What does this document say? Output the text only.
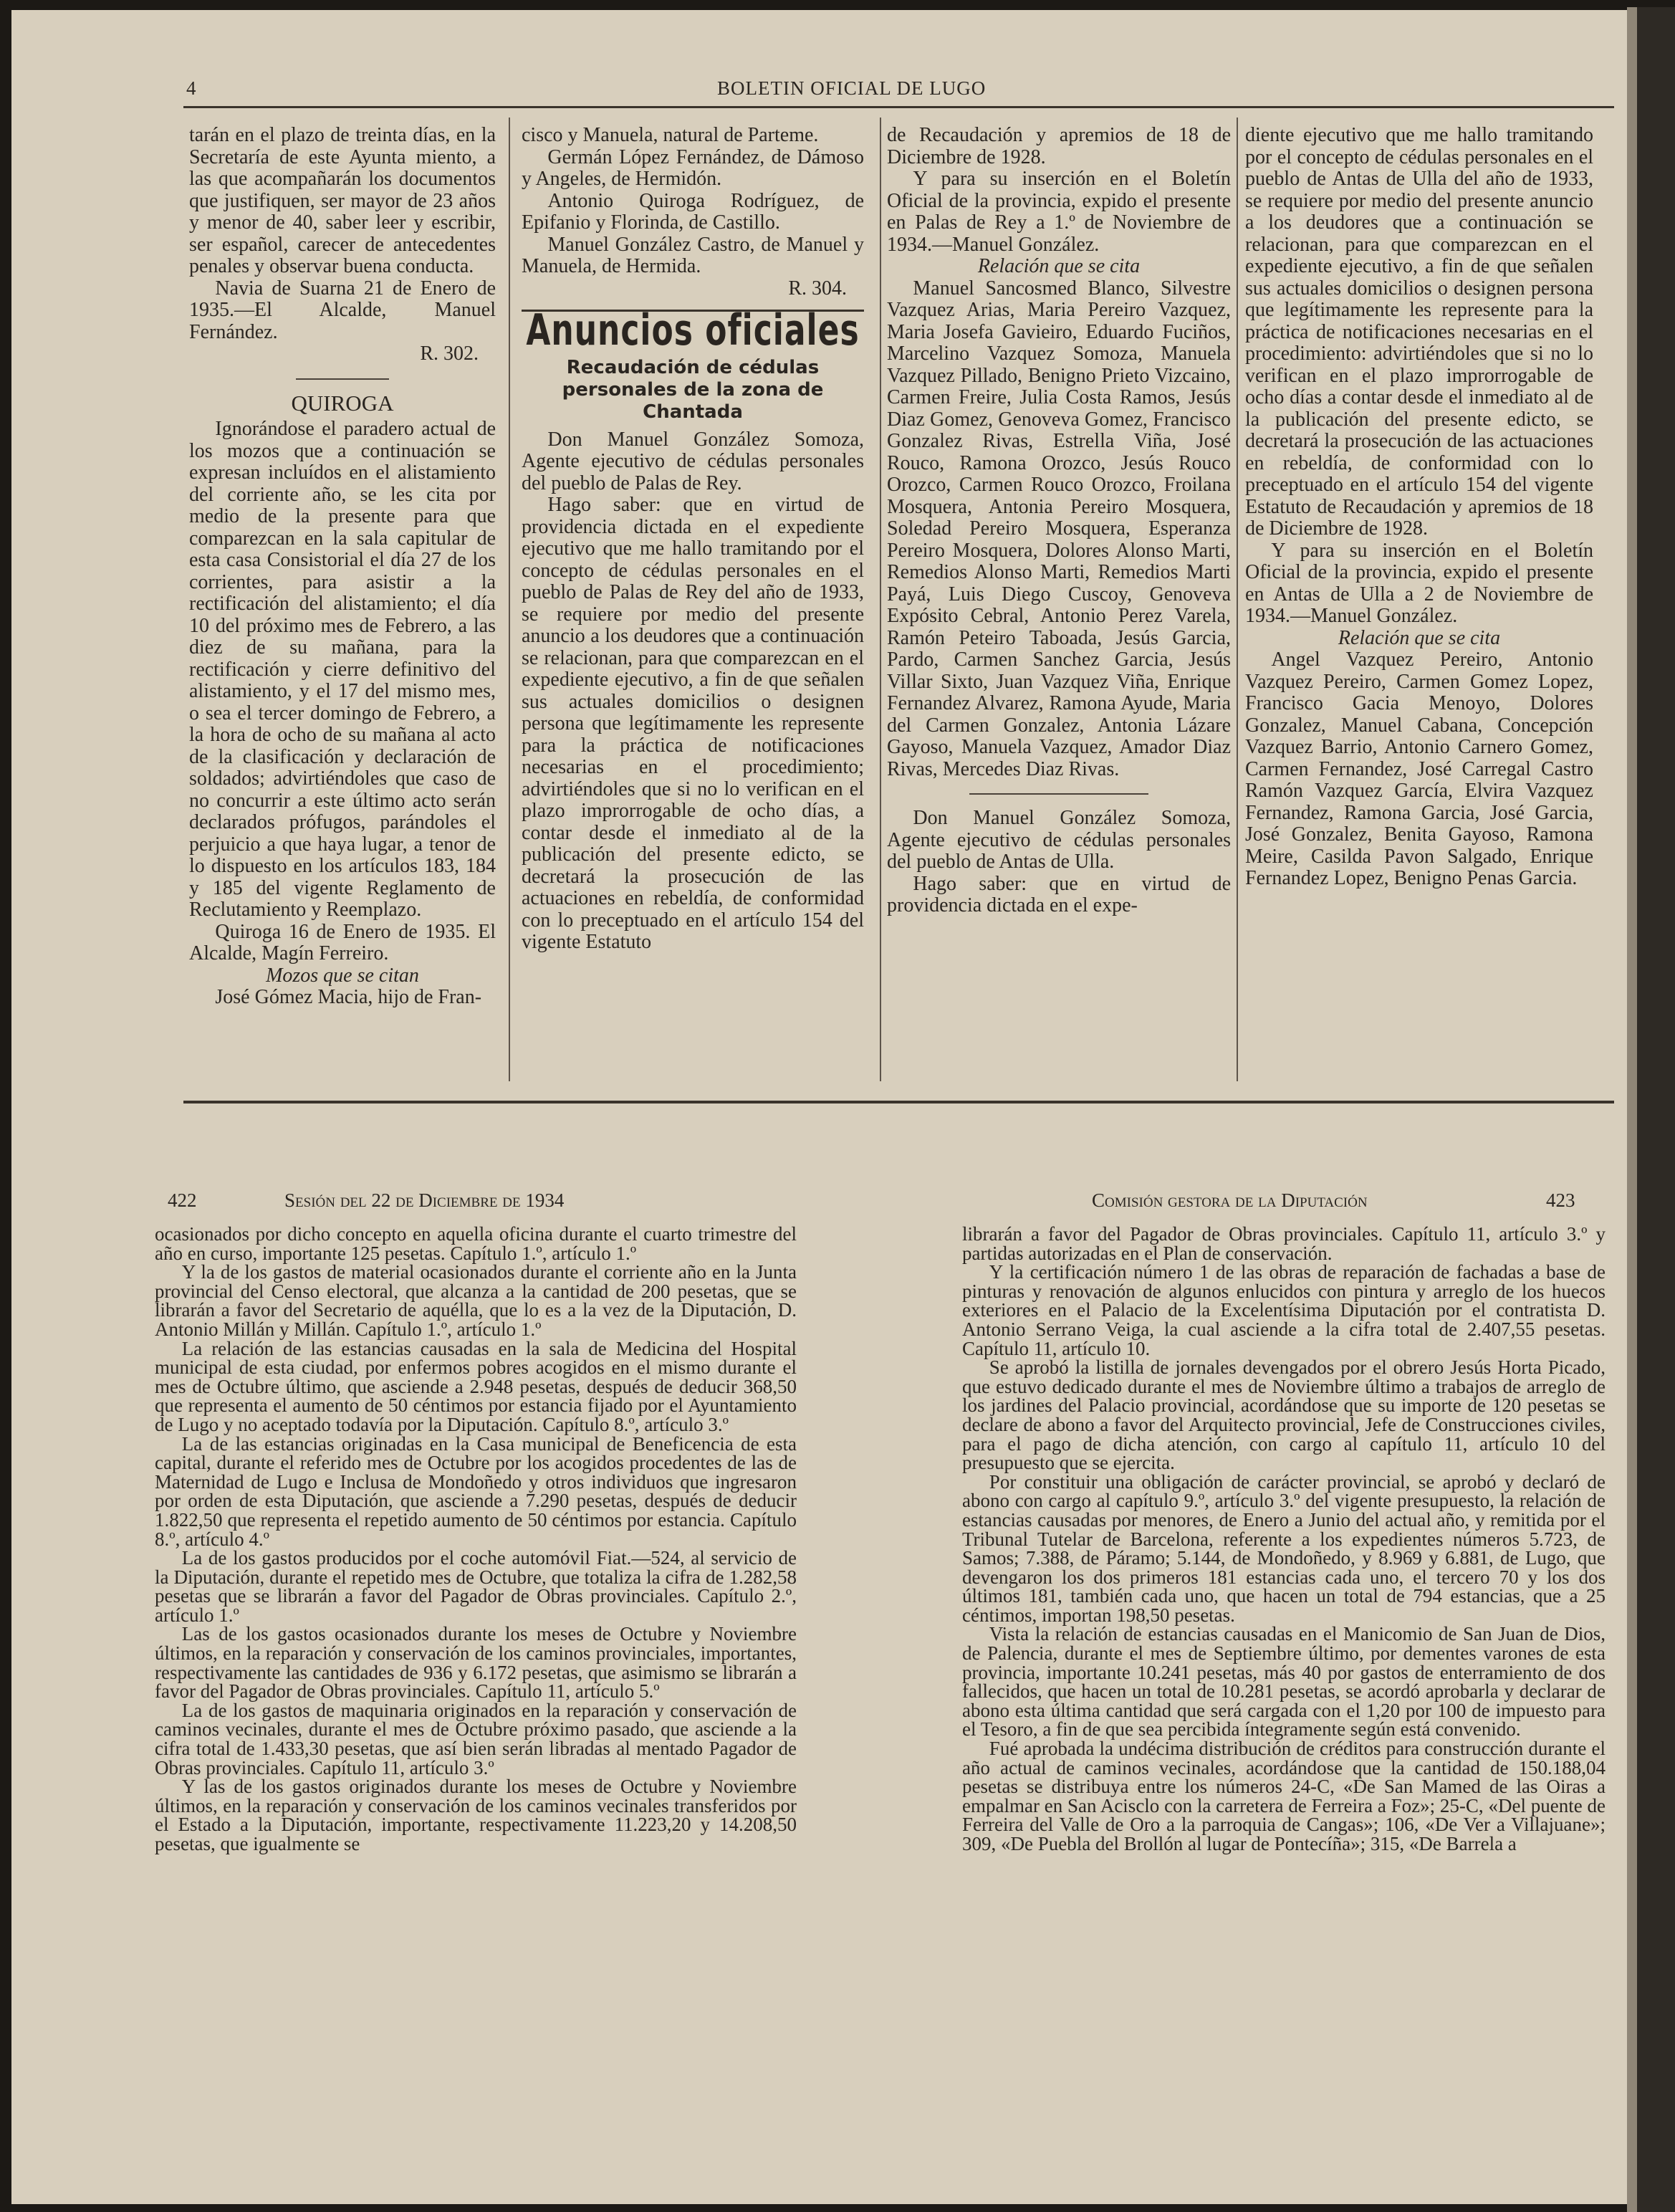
4	BOLETIN OFICIAL DE LUGO

tarán en el plazo de treinta días, en la Secretaría de este Ayunta miento, a las que acompañarán los documentos que justifiquen, ser mayor de 23 años y menor de 40, saber leer y escribir, ser español, carecer de antecedentes penales y observar buena conducta.

Navia de Suarna 21 de Enero de 1935.—El Alcalde, Manuel Fernández.

R. 302.

QUIROGA

Ignorándose el paradero actual de los mozos que a continuación se expresan incluídos en el alistamiento del corriente año, se les cita por medio de la presente para que comparezcan en la sala capitular de esta casa Consistorial el día 27 de los corrientes, para asistir a la rectificación del alistamiento; el día 10 del próximo mes de Febrero, a las diez de su mañana, para la rectificación y cierre definitivo del alistamiento, y el 17 del mismo mes, o sea el tercer domingo de Febrero, a la hora de ocho de su mañana al acto de la clasificación y declaración de soldados; advirtiéndoles que caso de no concurrir a este último acto serán declarados prófugos, parándoles el perjuicio a que haya lugar, a tenor de lo dispuesto en los artículos 183, 184 y 185 del vigente Reglamento de Reclutamiento y Reemplazo.

Quiroga 16 de Enero de 1935. El Alcalde, Magín Ferreiro.

Mozos que se citan

José Gómez Macia, hijo de Fran-

cisco y Manuela, natural de Parteme.

Germán López Fernández, de Dámoso y Angeles, de Hermidón.

Antonio Quiroga Rodríguez, de Epifanio y Florinda, de Castillo.

Manuel González Castro, de Manuel y Manuela, de Hermida.

R. 304.

Anuncios oficiales

Recaudación de cédulas personales de la zona de Chantada

Don Manuel González Somoza, Agente ejecutivo de cédulas personales del pueblo de Palas de Rey.

Hago saber: que en virtud de providencia dictada en el expediente ejecutivo que me hallo tramitando por el concepto de cédulas personales en el pueblo de Palas de Rey del año de 1933, se requiere por medio del presente anuncio a los deudores que a continuación se relacionan, para que comparezcan en el expediente ejecutivo, a fin de que señalen sus actuales domicilios o designen persona que legítimamente les represente para la práctica de notificaciones necesarias en el procedimiento; advirtiéndoles que si no lo verifican en el plazo improrrogable de ocho días, a contar desde el inmediato al de la publicación del presente edicto, se decretará la prosecución de las actuaciones en rebeldía, de conformidad con lo preceptuado en el artículo 154 del vigente Estatuto

de Recaudación y apremios de 18 de Diciembre de 1928.

Y para su inserción en el Boletín Oficial de la provincia, expido el presente en Palas de Rey a 1.º de Noviembre de 1934.—Manuel González.

Relación que se cita

Manuel Sancosmed Blanco, Silvestre Vazquez Arias, Maria Pereiro Vazquez, Maria Josefa Gavieiro, Eduardo Fuciños, Marcelino Vazquez Somoza, Manuela Vazquez Pillado, Benigno Prieto Vizcaino, Carmen Freire, Julia Costa Ramos, Jesús Diaz Gomez, Genoveva Gomez, Francisco Gonzalez Rivas, Estrella Viña, José Rouco, Ramona Orozco, Jesús Rouco Orozco, Carmen Rouco Orozco, Froilana Mosquera, Antonia Pereiro Mosquera, Soledad Pereiro Mosquera, Esperanza Pereiro Mosquera, Dolores Alonso Marti, Remedios Alonso Marti, Remedios Marti Payá, Luis Diego Cuscoy, Genoveva Expósito Cebral, Antonio Perez Varela, Ramón Peteiro Taboada, Jesús Garcia, Pardo, Carmen Sanchez Garcia, Jesús Villar Sixto, Juan Vazquez Viña, Enrique Fernandez Alvarez, Ramona Ayude, Maria del Carmen Gonzalez, Antonia Lázare Gayoso, Manuela Vazquez, Amador Diaz Rivas, Mercedes Diaz Rivas.

Don Manuel González Somoza, Agente ejecutivo de cédulas personales del pueblo de Antas de Ulla.

Hago saber: que en virtud de providencia dictada en el expe-

diente ejecutivo que me hallo tramitando por el concepto de cédulas personales en el pueblo de Antas de Ulla del año de 1933, se requiere por medio del presente anuncio a los deudores que a continuación se relacionan, para que comparezcan en el expediente ejecutivo, a fin de que señalen sus actuales domicilios o designen persona que legítimamente les represente para la práctica de notificaciones necesarias en el procedimiento: advirtiéndoles que si no lo verifican en el plazo improrrogable de ocho días a contar desde el inmediato al de la publicación del presente edicto, se decretará la prosecución de las actuaciones en rebeldía, de conformidad con lo preceptuado en el artículo 154 del vigente Estatuto de Recaudación y apremios de 18 de Diciembre de 1928.

Y para su inserción en el Boletín Oficial de la provincia, expido el presente en Antas de Ulla a 2 de Noviembre de 1934.—Manuel González.

Relación que se cita

Angel Vazquez Pereiro, Antonio Vazquez Pereiro, Carmen Gomez Lopez, Francisco Gacia Menoyo, Dolores Gonzalez, Manuel Cabana, Concepción Vazquez Barrio, Antonio Carnero Gomez, Carmen Fernandez, José Carregal Castro Ramón Vazquez García, Elvira Vazquez Fernandez, Ramona Garcia, José Garcia, José Gonzalez, Benita Gayoso, Ramona Meire, Casilda Pavon Salgado, Enrique Fernandez Lopez, Benigno Penas Garcia.

422	Sesión del 22 de Diciembre de 1934	Comisión gestora de la Diputación	423

ocasionados por dicho concepto en aquella oficina durante el cuarto trimestre del año en curso, importante 125 pesetas. Capítulo 1.º, artículo 1.º

Y la de los gastos de material ocasionados durante el corriente año en la Junta provincial del Censo electoral, que alcanza a la cantidad de 200 pesetas, que se librarán a favor del Secretario de aquélla, que lo es a la vez de la Diputación, D. Antonio Millán y Millán. Capítulo 1.º, artículo 1.º

La relación de las estancias causadas en la sala de Medicina del Hospital municipal de esta ciudad, por enfermos pobres acogidos en el mismo durante el mes de Octubre último, que asciende a 2.948 pesetas, después de deducir 368,50 que representa el aumento de 50 céntimos por estancia fijado por el Ayuntamiento de Lugo y no aceptado todavía por la Diputación. Capítulo 8.º, artículo 3.º

La de las estancias originadas en la Casa municipal de Beneficencia de esta capital, durante el referido mes de Octubre por los acogidos procedentes de las de Maternidad de Lugo e Inclusa de Mondoñedo y otros individuos que ingresaron por orden de esta Diputación, que asciende a 7.290 pesetas, después de deducir 1.822,50 que representa el repetido aumento de 50 céntimos por estancia. Capítulo 8.º, artículo 4.º

La de los gastos producidos por el coche automóvil Fiat.—524, al servicio de la Diputación, durante el repetido mes de Octubre, que totaliza la cifra de 1.282,58 pesetas que se librarán a favor del Pagador de Obras provinciales. Capítulo 2.º, artículo 1.º

Las de los gastos ocasionados durante los meses de Octubre y Noviembre últimos, en la reparación y conservación de los caminos provinciales, importantes, respectivamente las cantidades de 936 y 6.172 pesetas, que asimismo se librarán a favor del Pagador de Obras provinciales. Capítulo 11, artículo 5.º

La de los gastos de maquinaria originados en la reparación y conservación de caminos vecinales, durante el mes de Octubre próximo pasado, que asciende a la cifra total de 1.433,30 pesetas, que así bien serán libradas al mentado Pagador de Obras provinciales. Capítulo 11, artículo 3.º

Y las de los gastos originados durante los meses de Octubre y Noviembre últimos, en la reparación y conservación de los caminos vecinales transferidos por el Estado a la Diputación, importante, respectivamente 11.223,20 y 14.208,50 pesetas, que igualmente se

librarán a favor del Pagador de Obras provinciales. Capítulo 11, artículo 3.º y partidas autorizadas en el Plan de conservación.

Y la certificación número 1 de las obras de reparación de fachadas a base de pinturas y renovación de algunos enlucidos con pintura y arreglo de los huecos exteriores en el Palacio de la Excelentísima Diputación por el contratista D. Antonio Serrano Veiga, la cual asciende a la cifra total de 2.407,55 pesetas. Capítulo 11, artículo 10.

Se aprobó la listilla de jornales devengados por el obrero Jesús Horta Picado, que estuvo dedicado durante el mes de Noviembre último a trabajos de arreglo de los jardines del Palacio provincial, acordándose que su importe de 120 pesetas se declare de abono a favor del Arquitecto provincial, Jefe de Construcciones civiles, para el pago de dicha atención, con cargo al capítulo 11, artículo 10 del presupuesto que se ejercita.

Por constituir una obligación de carácter provincial, se aprobó y declaró de abono con cargo al capítulo 9.º, artículo 3.º del vigente presupuesto, la relación de estancias causadas por menores, de Enero a Junio del actual año, y remitida por el Tribunal Tutelar de Barcelona, referente a los expedientes números 5.723, de Samos; 7.388, de Páramo; 5.144, de Mondoñedo, y 8.969 y 6.881, de Lugo, que devengaron los dos primeros 181 estancias cada uno, el tercero 70 y los dos últimos 181, también cada uno, que hacen un total de 794 estancias, que a 25 céntimos, importan 198,50 pesetas.

Vista la relación de estancias causadas en el Manicomio de San Juan de Dios, de Palencia, durante el mes de Septiembre último, por dementes varones de esta provincia, importante 10.241 pesetas, más 40 por gastos de enterramiento de dos fallecidos, que hacen un total de 10.281 pesetas, se acordó aprobarla y declarar de abono esta última cantidad que será cargada con el 1,20 por 100 de impuesto para el Tesoro, a fin de que sea percibida íntegramente según está convenido.

Fué aprobada la undécima distribución de créditos para construcción durante el año actual de caminos vecinales, acordándose que la cantidad de 150.188,04 pesetas se distribuya entre los números 24-C, «De San Mamed de las Oiras a empalmar en San Acisclo con la carretera de Ferreira a Foz»; 25-C, «Del puente de Ferreira del Valle de Oro a la parroquia de Cangas»; 106, «De Ver a Villajuane»; 309, «De Puebla del Brollón al lugar de Pontecíña»; 315, «De Barrela a
